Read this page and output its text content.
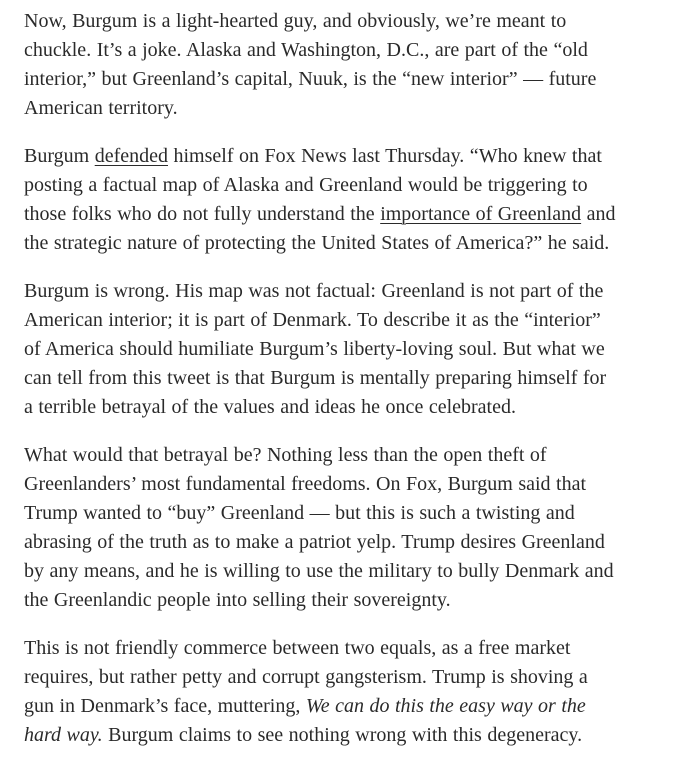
Now, Burgum is a light-hearted guy, and obviously, we’re meant to chuckle. It’s a joke. Alaska and Washington, D.C., are part of the “old interior,” but Greenland’s capital, Nuuk, is the “new interior” — future American territory.

Burgum defended himself on Fox News last Thursday. “Who knew that posting a factual map of Alaska and Greenland would be triggering to those folks who do not fully understand the importance of Greenland and the strategic nature of protecting the United States of America?” he said.

Burgum is wrong. His map was not factual: Greenland is not part of the American interior; it is part of Denmark. To describe it as the “interior” of America should humiliate Burgum’s liberty-loving soul. But what we can tell from this tweet is that Burgum is mentally preparing himself for a terrible betrayal of the values and ideas he once celebrated.

What would that betrayal be? Nothing less than the open theft of Greenlanders’ most fundamental freedoms. On Fox, Burgum said that Trump wanted to “buy” Greenland — but this is such a twisting and abrasing of the truth as to make a patriot yelp. Trump desires Greenland by any means, and he is willing to use the military to bully Denmark and the Greenlandic people into selling their sovereignty.

This is not friendly commerce between two equals, as a free market requires, but rather petty and corrupt gangsterism. Trump is shoving a gun in Denmark’s face, muttering, We can do this the easy way or the hard way. Burgum claims to see nothing wrong with this degeneracy.
